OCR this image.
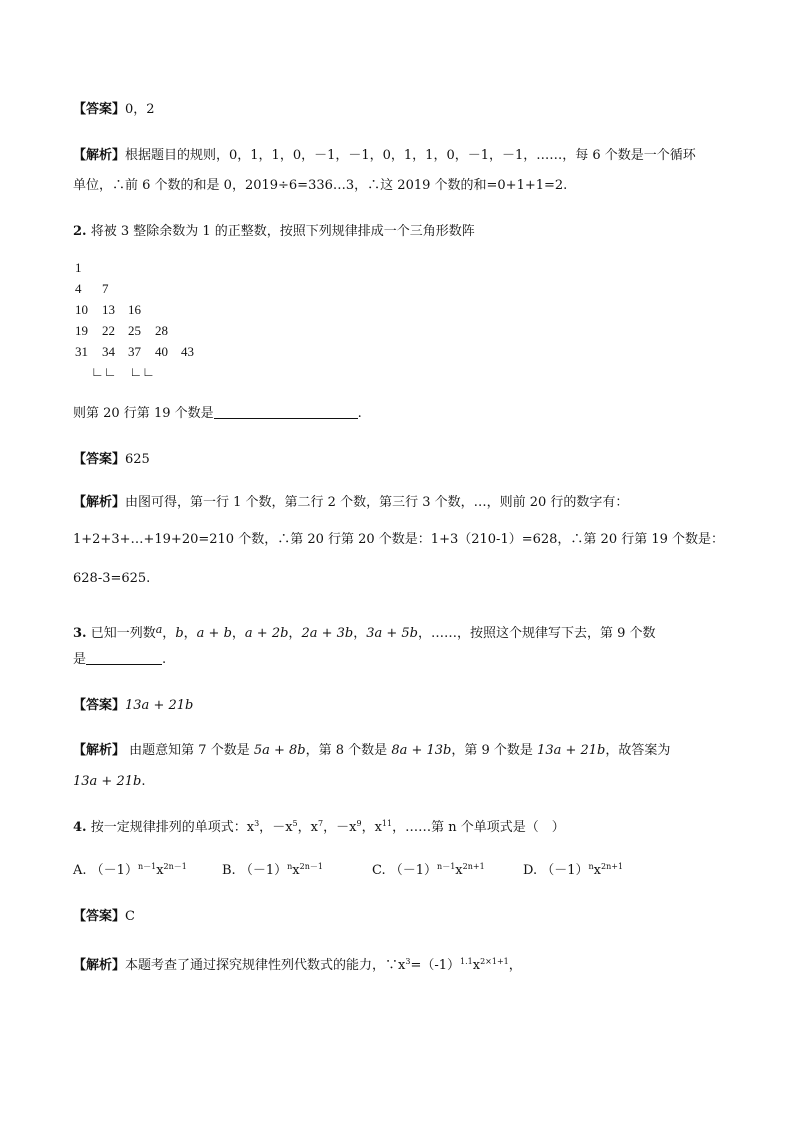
【答案】0，2
【解析】根据题目的规则，0，1，1，0，－1，－1，0，1，1，0，－1，－1，……，每 6 个数是一个循环
单位，∴前 6 个数的和是 0，2019÷6=336…3，∴这 2019 个数的和=0+1+1=2.
2. 将被 3 整除余数为 1 的正整数，按照下列规律排成一个三角形数阵
1
4 7
10 13 16
19 22 25 28
31 34 37 40 43
∟∟    ∟∟
则第 20 行第 19 个数是	.
【答案】625
【解析】由图可得，第一行 1 个数，第二行 2 个数，第三行 3 个数，…，则前 20 行的数字有：
1+2+3+…+19+20=210 个数，∴第 20 行第 20 个数是：1+3（210-1）=628，∴第 20 行第 19 个数是：
628-3=625.
3. 已知一列数$^a$，b，a + b，a + 2b，2a + 3b，3a + 5b，……，按照这个规律写下去，第 9 个数
是	.
【答案】13a + 21b
【解析】 由题意知第 7 个数是 5a + 8b，第 8 个数是 8a + 13b，第 9 个数是 13a + 21b，故答案为
13a + 21b.
4. 按一定规律排列的单项式：$x^3$，$-x^5$，$x^7$，$-x^9$，$x^{11}$，……第 n 个单项式是（　）
A. $(-1)^{n-1}x^{2n-1}$	B. $(-1)^nx^{2n-1}$	C. $(-1)^{n-1}x^{2n+1}$	D. $(-1)^nx^{2n+1}$
【答案】C
【解析】本题考查了通过探究规律性列代数式的能力，$\because x^3=(-1)^{1.1}x^{2\times 1+1}$，
